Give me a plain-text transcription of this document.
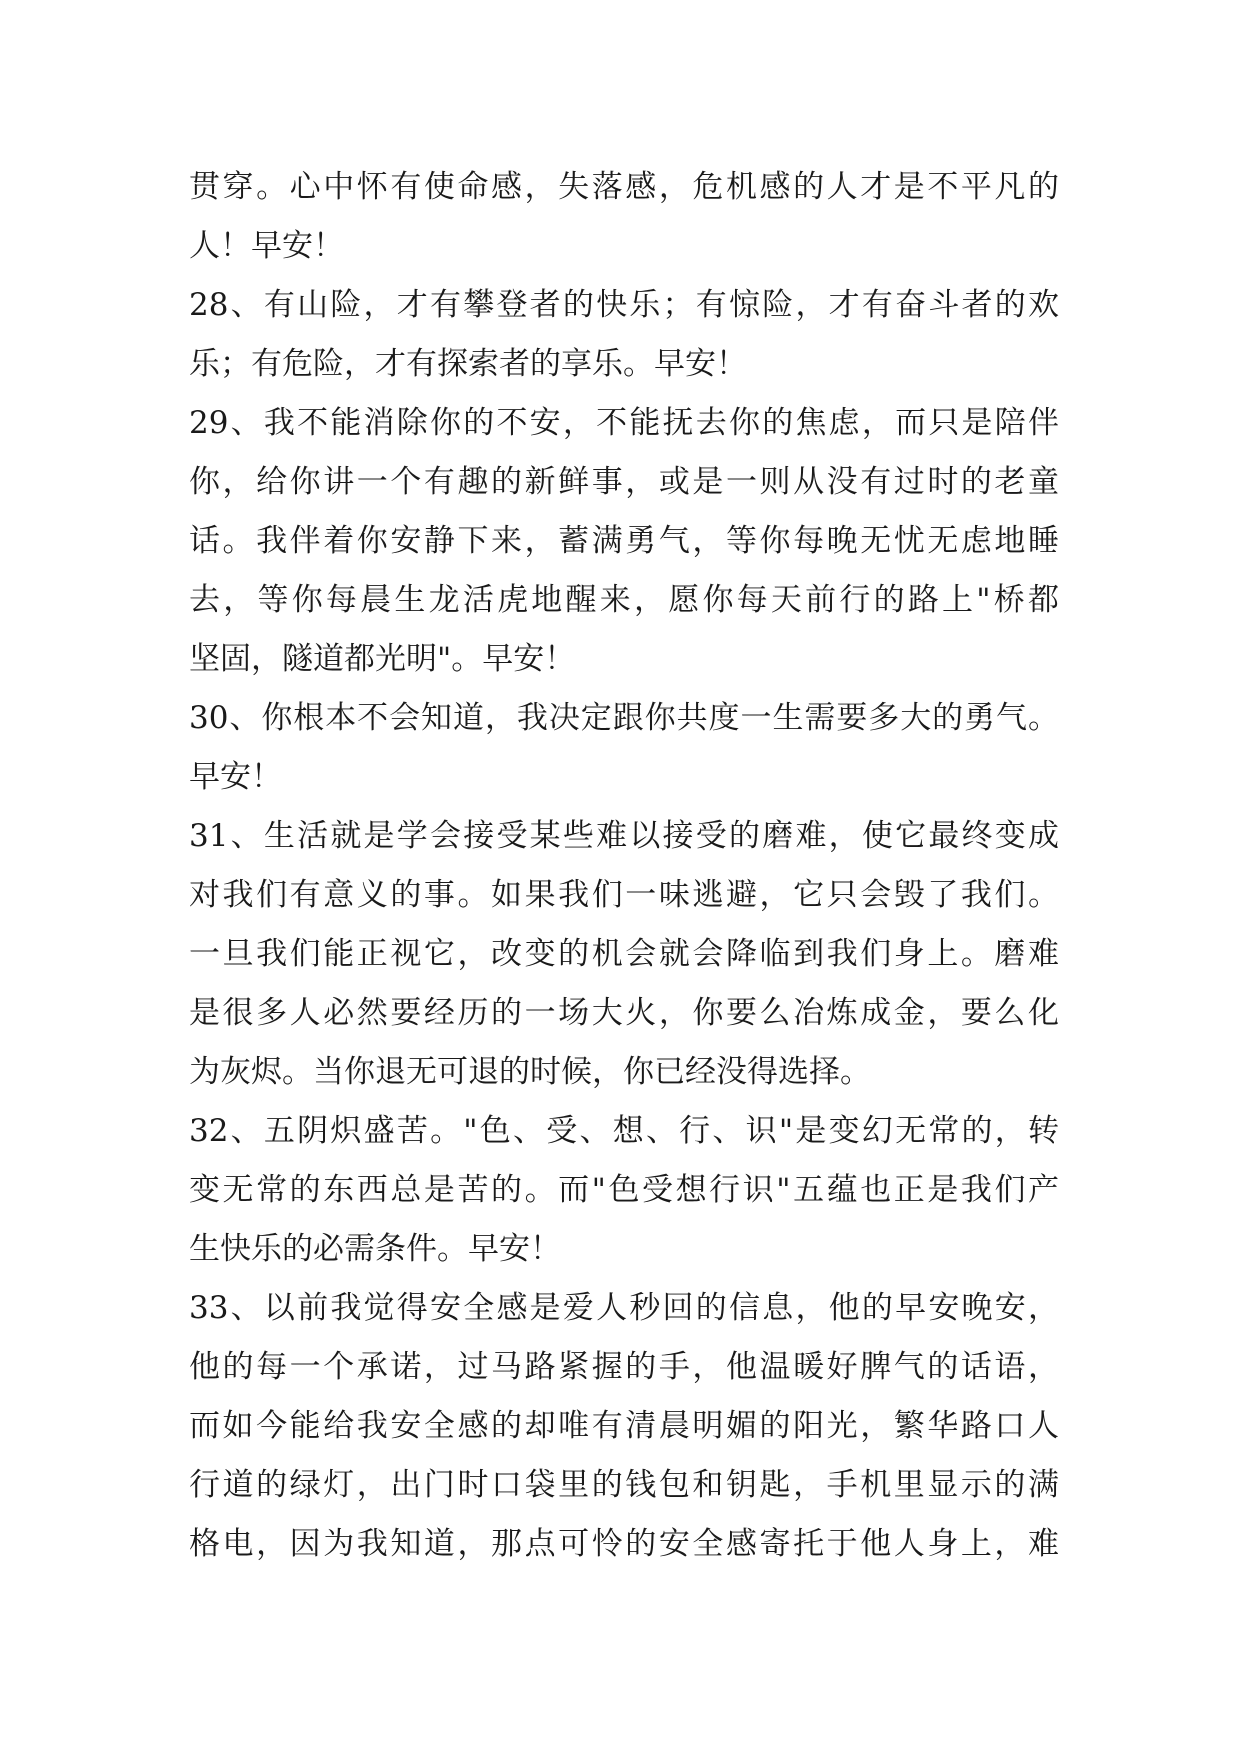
贯穿。心中怀有使命感，失落感，危机感的人才是不平凡的
人！早安！
28、有山险，才有攀登者的快乐；有惊险，才有奋斗者的欢
乐；有危险，才有探索者的享乐。早安！
29、我不能消除你的不安，不能抚去你的焦虑，而只是陪伴
你，给你讲一个有趣的新鲜事，或是一则从没有过时的老童
话。我伴着你安静下来，蓄满勇气，等你每晚无忧无虑地睡
去，等你每晨生龙活虎地醒来，愿你每天前行的路上"桥都
坚固，隧道都光明"。早安！
30、你根本不会知道，我决定跟你共度一生需要多大的勇气。
早安！
31、生活就是学会接受某些难以接受的磨难，使它最终变成
对我们有意义的事。如果我们一味逃避，它只会毁了我们。
一旦我们能正视它，改变的机会就会降临到我们身上。磨难
是很多人必然要经历的一场大火，你要么冶炼成金，要么化
为灰烬。当你退无可退的时候，你已经没得选择。
32、五阴炽盛苦。"色、受、想、行、识"是变幻无常的，转
变无常的东西总是苦的。而"色受想行识"五蕴也正是我们产
生快乐的必需条件。早安！
33、以前我觉得安全感是爱人秒回的信息，他的早安晚安，
他的每一个承诺，过马路紧握的手，他温暖好脾气的话语，
而如今能给我安全感的却唯有清晨明媚的阳光，繁华路口人
行道的绿灯，出门时口袋里的钱包和钥匙，手机里显示的满
格电，因为我知道，那点可怜的安全感寄托于他人身上，难
